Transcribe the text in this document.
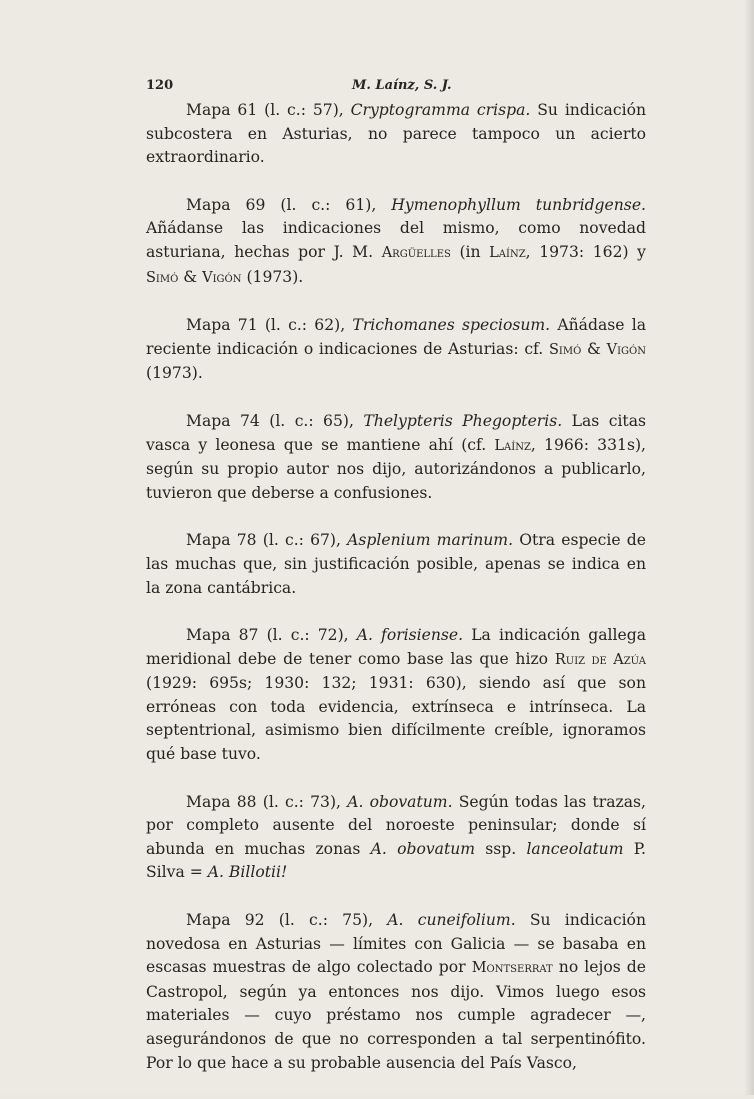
120	M. Laínz, S. J.

Mapa 61 (l. c.: 57), Cryptogramma crispa. Su indicación subcostera en Asturias, no parece tampoco un acierto extraordinario.

Mapa 69 (l. c.: 61), Hymenophyllum tunbridgense. Añádanse las indicaciones del mismo, como novedad asturiana, hechas por J. M. Argüelles (in Laínz, 1973: 162) y Simó & Vigón (1973).

Mapa 71 (l. c.: 62), Trichomanes speciosum. Añádase la reciente indicación o indicaciones de Asturias: cf. Simó & Vigón (1973).

Mapa 74 (l. c.: 65), Thelypteris Phegopteris. Las citas vasca y leonesa que se mantiene ahí (cf. Laínz, 1966: 331s), según su propio autor nos dijo, autorizándonos a publicarlo, tuvieron que deberse a confusiones.

Mapa 78 (l. c.: 67), Asplenium marinum. Otra especie de las muchas que, sin justificación posible, apenas se indica en la zona cantábrica.

Mapa 87 (l. c.: 72), A. forisiense. La indicación gallega meridional debe de tener como base las que hizo Ruiz de Azúa (1929: 695s; 1930: 132; 1931: 630), siendo así que son erróneas con toda evidencia, extrínseca e intrínseca. La septentrional, asimismo bien difícilmente creíble, ignoramos qué base tuvo.

Mapa 88 (l. c.: 73), A. obovatum. Según todas las trazas, por completo ausente del noroeste peninsular; donde sí abunda en muchas zonas A. obovatum ssp. lanceolatum P. Silva = A. Billotii!

Mapa 92 (l. c.: 75), A. cuneifolium. Su indicación novedosa en Asturias — límites con Galicia — se basaba en escasas muestras de algo colectado por Montserrat no lejos de Castropol, según ya entonces nos dijo. Vimos luego esos materiales — cuyo préstamo nos cumple agradecer —, asegurándonos de que no corresponden a tal serpentinófito. Por lo que hace a su probable ausencia del País Vasco,
